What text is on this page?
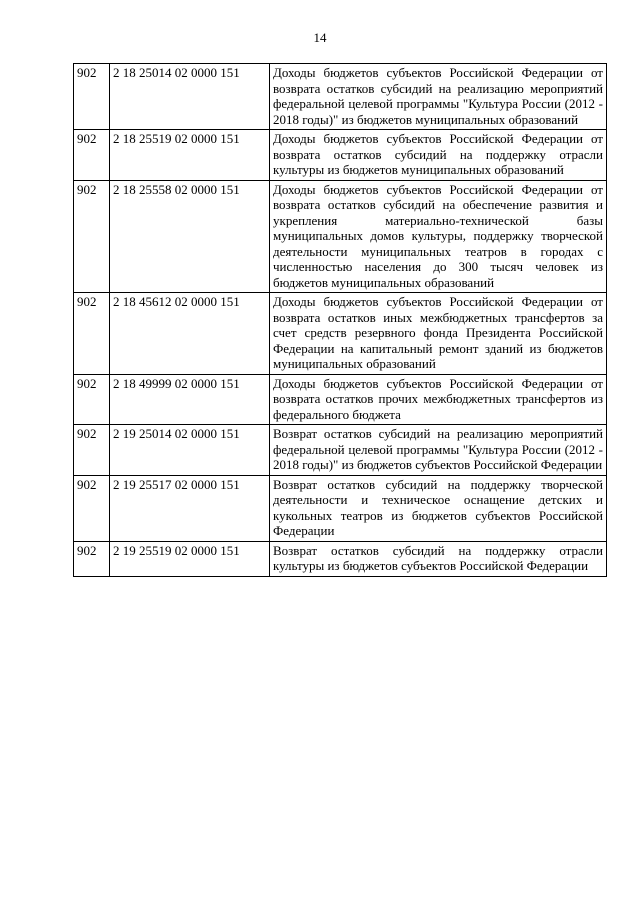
14
902	2 18 25014 02 0000 151	Доходы бюджетов субъектов Российской Федерации от возврата остатков субсидий на реализацию мероприятий федеральной целевой программы "Культура России (2012 - 2018 годы)" из бюджетов муниципальных образований
902	2 18 25519 02 0000 151	Доходы бюджетов субъектов Российской Федерации от возврата остатков субсидий на поддержку отрасли культуры из бюджетов муниципальных образований
902	2 18 25558 02 0000 151	Доходы бюджетов субъектов Российской Федерации от возврата остатков субсидий на обеспечение развития и укрепления материально-технической базы муниципальных домов культуры, поддержку творческой деятельности муниципальных театров в городах с численностью населения до 300 тысяч человек из бюджетов муниципальных образований
902	2 18 45612 02 0000 151	Доходы бюджетов субъектов Российской Федерации от возврата остатков иных межбюджетных трансфертов за счет средств резервного фонда Президента Российской Федерации на капитальный ремонт зданий из бюджетов муниципальных образований
902	2 18 49999 02 0000 151	Доходы бюджетов субъектов Российской Федерации от возврата остатков прочих межбюджетных трансфертов из федерального бюджета
902	2 19 25014 02 0000 151	Возврат остатков субсидий на реализацию мероприятий федеральной целевой программы "Культура России (2012 - 2018 годы)" из бюджетов субъектов Российской Федерации
902	2 19 25517 02 0000 151	Возврат остатков субсидий на поддержку творческой деятельности и техническое оснащение детских и кукольных театров из бюджетов субъектов Российской Федерации
902	2 19 25519 02 0000 151	Возврат остатков субсидий на поддержку отрасли культуры из бюджетов субъектов Российской Федерации
